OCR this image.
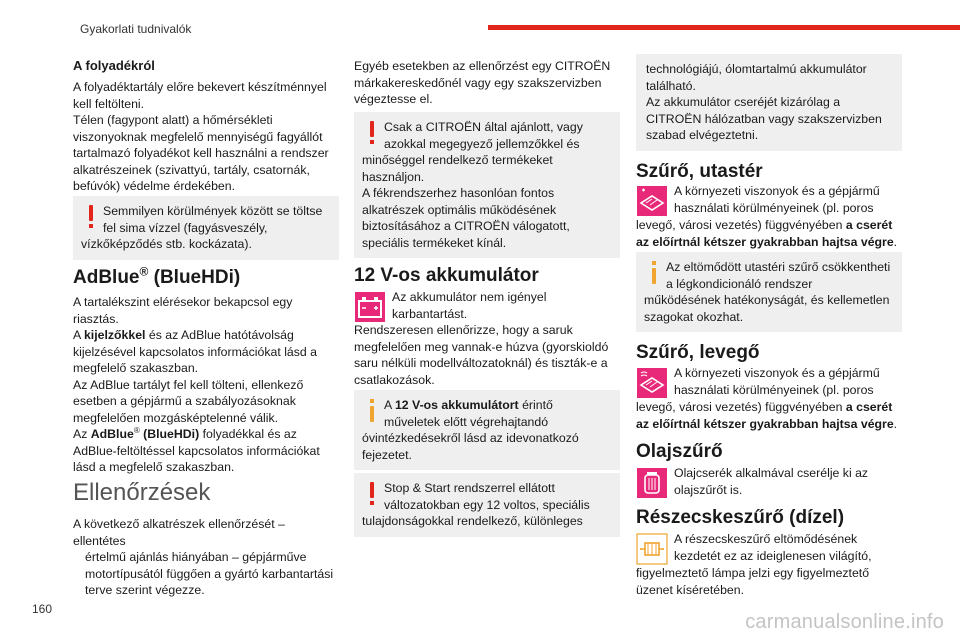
Gyakorlati tudnivalók
A folyadékról
A folyadéktartály előre bekevert készítménnyel
kell feltölteni.
Télen (fagypont alatt) a hőmérsékleti
viszonyoknak megfelelő mennyiségű fagyállót
tartalmazó folyadékot kell használni a rendszer
alkatrészeinek (szivattyú, tartály, csatornák,
befúvók) védelme érdekében.

Semmilyen körülmények között se töltse

fel sima vízzel (fagyásveszély,

vízkőképződés stb. kockázata).

AdBlue® (BlueHDi)
A tartalékszint elérésekor bekapcsol egy
riasztás.
A kijelzőkkel és az AdBlue hatótávolság
kijelzésével kapcsolatos információkat lásd a
megfelelő szakaszban.
Az AdBlue tartályt fel kell tölteni, ellenkező
esetben a gépjármű a szabályozásoknak
megfelelően mozgásképtelenné válik.
Az AdBlue® (BlueHDi) folyadékkal és az
AdBlue-feltöltéssel kapcsolatos információkat
lásd a megfelelő szakaszban.
Ellenőrzések
A következő alkatrészek ellenőrzését – ellentétes
értelmű ajánlás hiányában – gépjárműve
motortípusától függően a gyártó karbantartási
terve szerint végezze.
Egyéb esetekben az ellenőrzést egy CITROËN
márkakereskedőnél vagy egy szakszervizben
végeztesse el.

Csak a CITROËN által ajánlott, vagy

azokkal megegyező jellemzőkkel és

minőséggel rendelkező termékeket

használjon.

A fékrendszerhez hasonlóan fontos

alkatrészek optimális működésének

biztosításához a CITROËN válogatott,

speciális termékeket kínál.

12 V-os akkumulátor
Az akkumulátor nem igényel
karbantartást.
Rendszeresen ellenőrizze, hogy a saruk
megfelelően meg vannak-e húzva (gyorskioldó
saru nélküli modellváltozatoknál) és tiszták-e a
csatlakozások.

A 12 V-os akkumulátort érintő

műveletek előtt végrehajtandó

óvintézkedésekről lásd az idevonatkozó

fejezetet.

Stop & Start rendszerrel ellátott

változatokban egy 12 voltos, speciális

tulajdonságokkal rendelkező, különleges

technológiájú, ólomtartalmú akkumulátor

található.

Az akkumulátor cseréjét kizárólag a

CITROËN hálózatban vagy szakszervizben

szabad elvégeztetni.

Szűrő, utastér
A környezeti viszonyok és a gépjármű
használati körülményeinek (pl. poros
levegő, városi vezetés) függvényében a cserét
az előírtnál kétszer gyakrabban hajtsa végre.

Az eltömődött utastéri szűrő csökkentheti

a légkondicionáló rendszer

működésének hatékonyságát, és kellemetlen

szagokat okozhat.

Szűrő, levegő
A környezeti viszonyok és a gépjármű
használati körülményeinek (pl. poros
levegő, városi vezetés) függvényében a cserét
az előírtnál kétszer gyakrabban hajtsa végre.
Olajszűrő
Olajcserék alkalmával cserélje ki az
olajszűrőt is.
Részecskeszűrő (dízel)
A részecskeszűrő eltömődésének
kezdetét ez az ideiglenesen világító,
figyelmeztető lámpa jelzi egy figyelmeztető
üzenet kíséretében.
160
carmanualsonline.info
